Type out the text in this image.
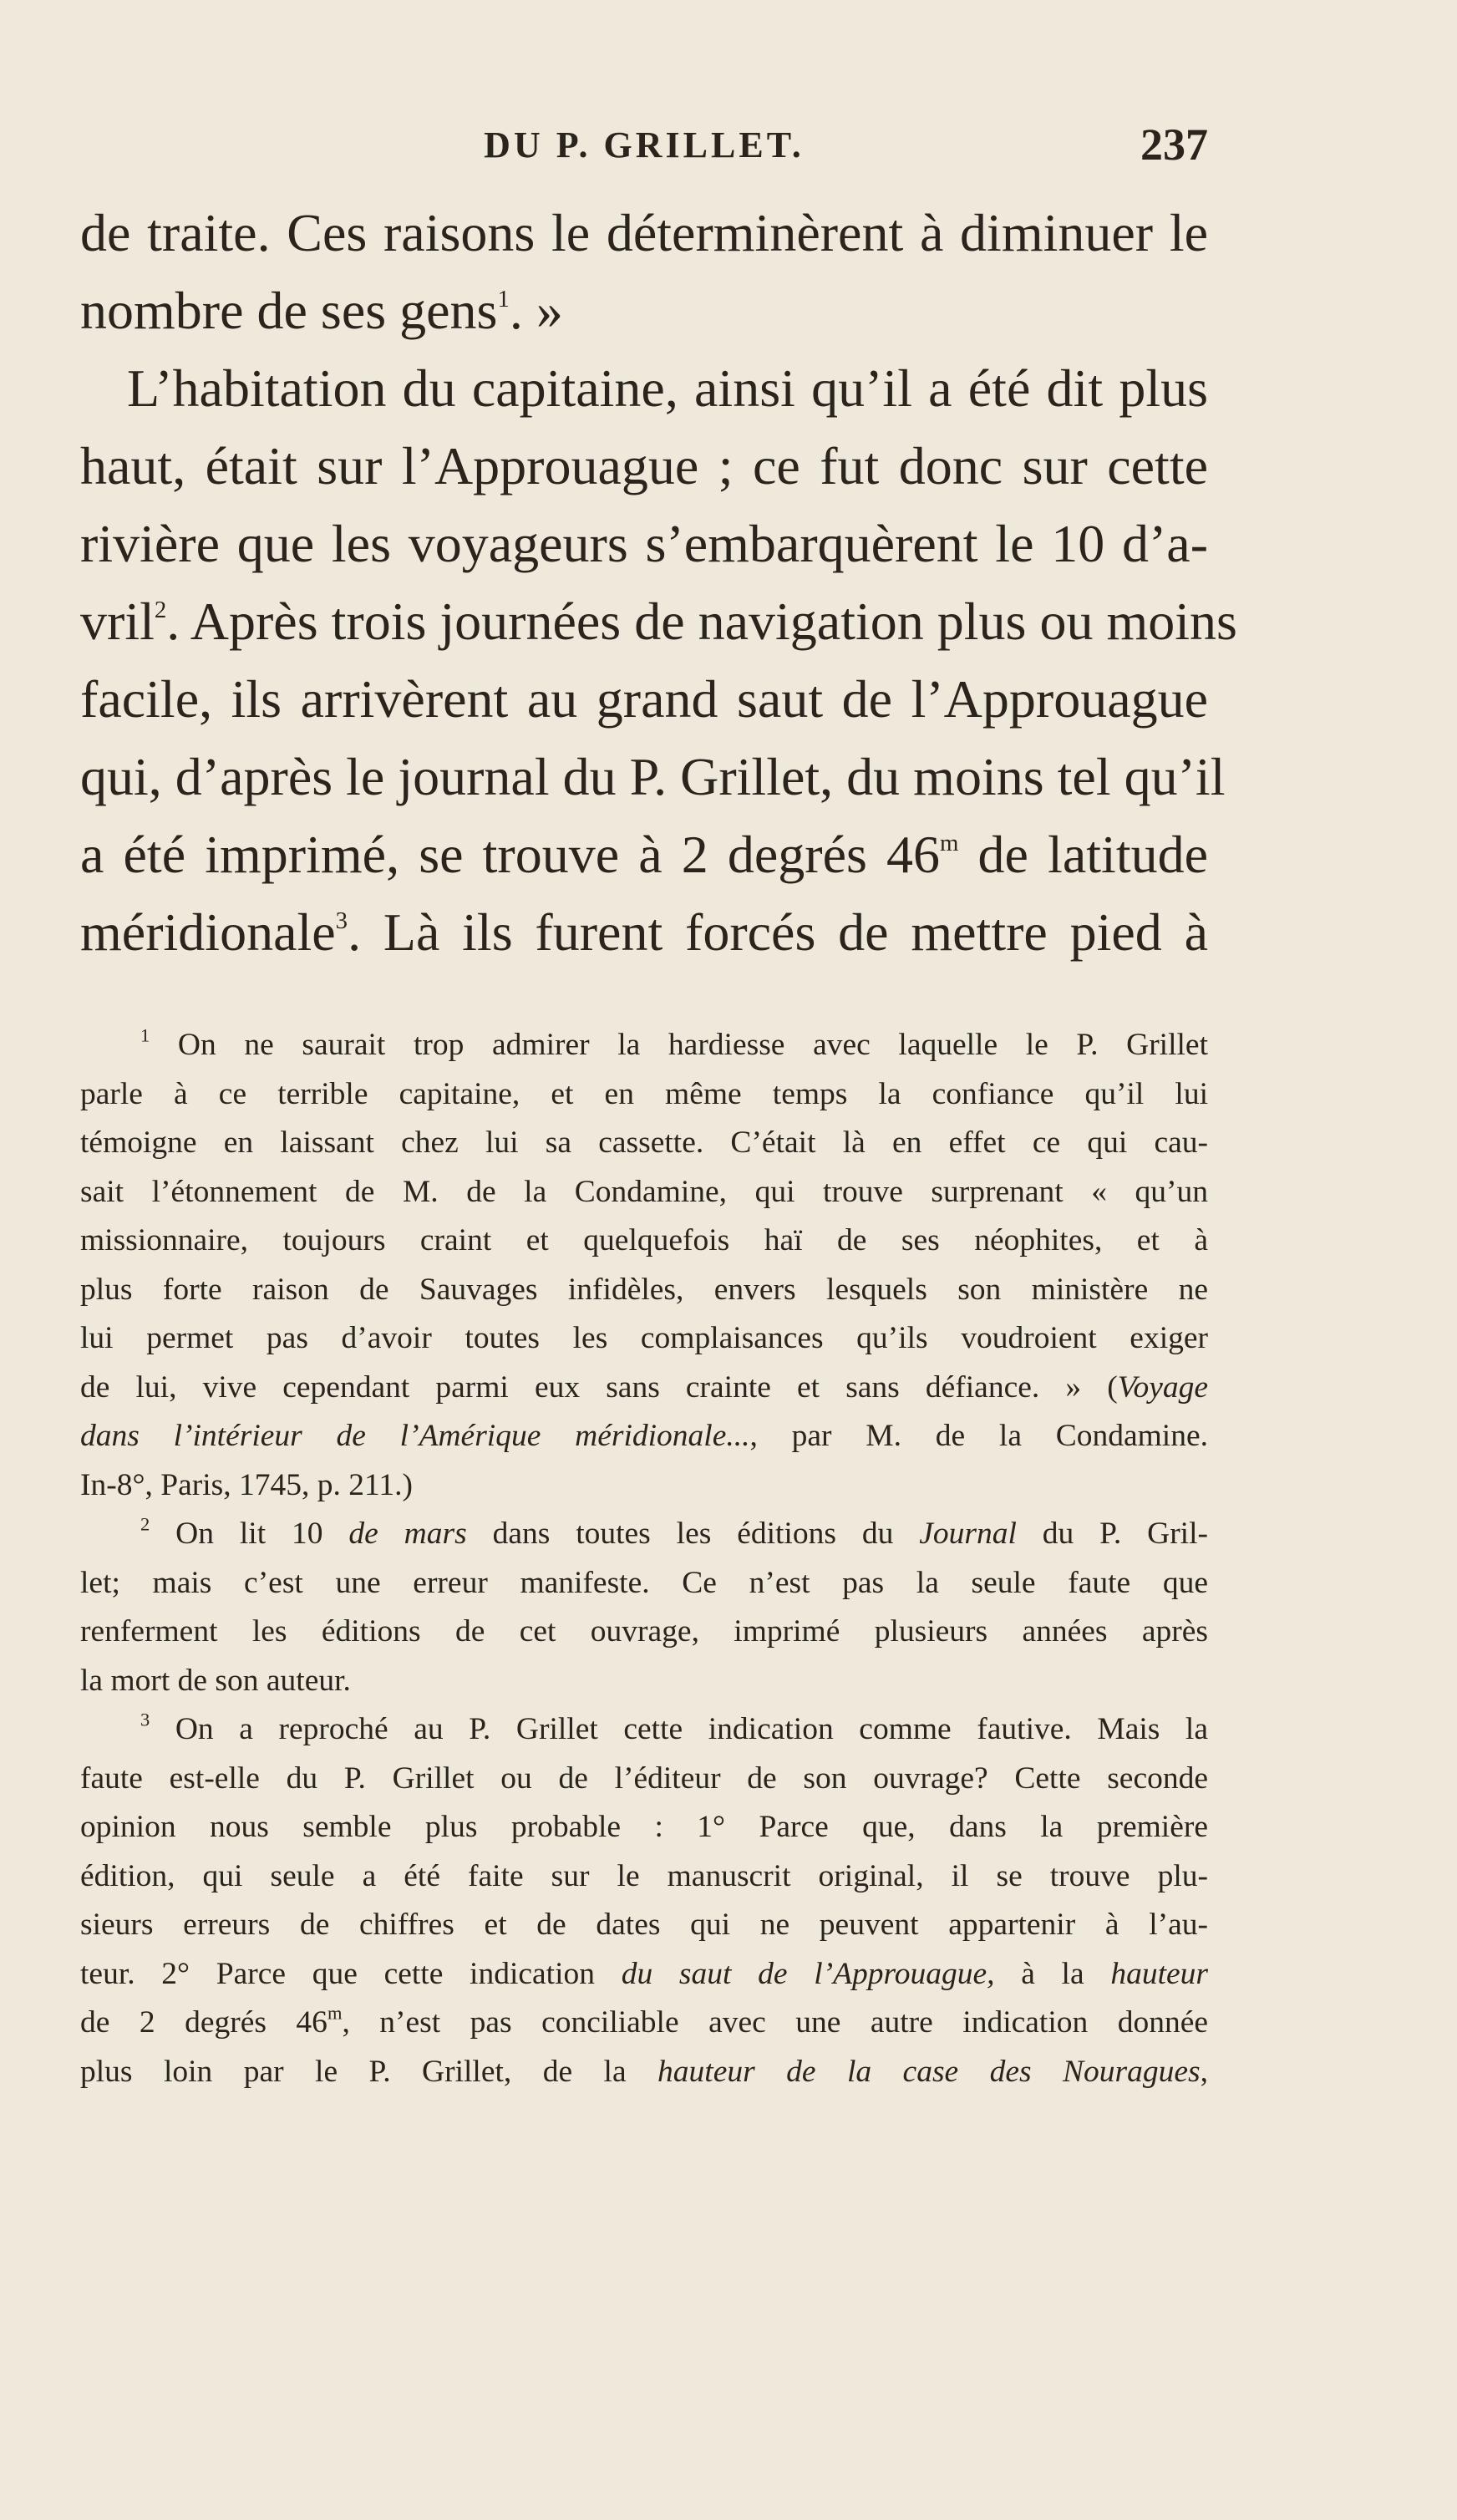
DU P. GRILLET.	237
de traite. Ces raisons le déterminèrent à diminuer le
nombre de ses gens$^1$. »
L’habitation du capitaine, ainsi qu’il a été dit plus
haut, était sur l’Approuague ; ce fut donc sur cette
rivière que les voyageurs s’embarquèrent le 10 d’a-
vril$^2$. Après trois journées de navigation plus ou moins
facile, ils arrivèrent au grand saut de l’Approuague
qui, d’après le journal du P. Grillet, du moins tel qu’il
a été imprimé, se trouve à 2 degrés 46$^m$ de latitude
méridionale$^3$. Là ils furent forcés de mettre pied à
$^1$ On ne saurait trop admirer la hardiesse avec laquelle le P. Grillet
parle à ce terrible capitaine, et en même temps la confiance qu’il lui
témoigne en laissant chez lui sa cassette. C’était là en effet ce qui cau-
sait l’étonnement de M. de la Condamine, qui trouve surprenant « qu’un
missionnaire, toujours craint et quelquefois haï de ses néophites, et à
plus forte raison de Sauvages infidèles, envers lesquels son ministère ne
lui permet pas d’avoir toutes les complaisances qu’ils voudroient exiger
de lui, vive cependant parmi eux sans crainte et sans défiance. » (Voyage
dans l’intérieur de l’Amérique méridionale..., par M. de la Condamine.
In-8°, Paris, 1745, p. 211.)
$^2$ On lit 10 de mars dans toutes les éditions du Journal du P. Gril-
let; mais c’est une erreur manifeste. Ce n’est pas la seule faute que
renferment les éditions de cet ouvrage, imprimé plusieurs années après
la mort de son auteur.
$^3$ On a reproché au P. Grillet cette indication comme fautive. Mais la
faute est-elle du P. Grillet ou de l’éditeur de son ouvrage? Cette seconde
opinion nous semble plus probable : 1° Parce que, dans la première
édition, qui seule a été faite sur le manuscrit original, il se trouve plu-
sieurs erreurs de chiffres et de dates qui ne peuvent appartenir à l’au-
teur. 2° Parce que cette indication du saut de l’Approuague, à la hauteur
de 2 degrés 46$^m$, n’est pas conciliable avec une autre indication donnée
plus loin par le P. Grillet, de la hauteur de la case des Nouragues,
